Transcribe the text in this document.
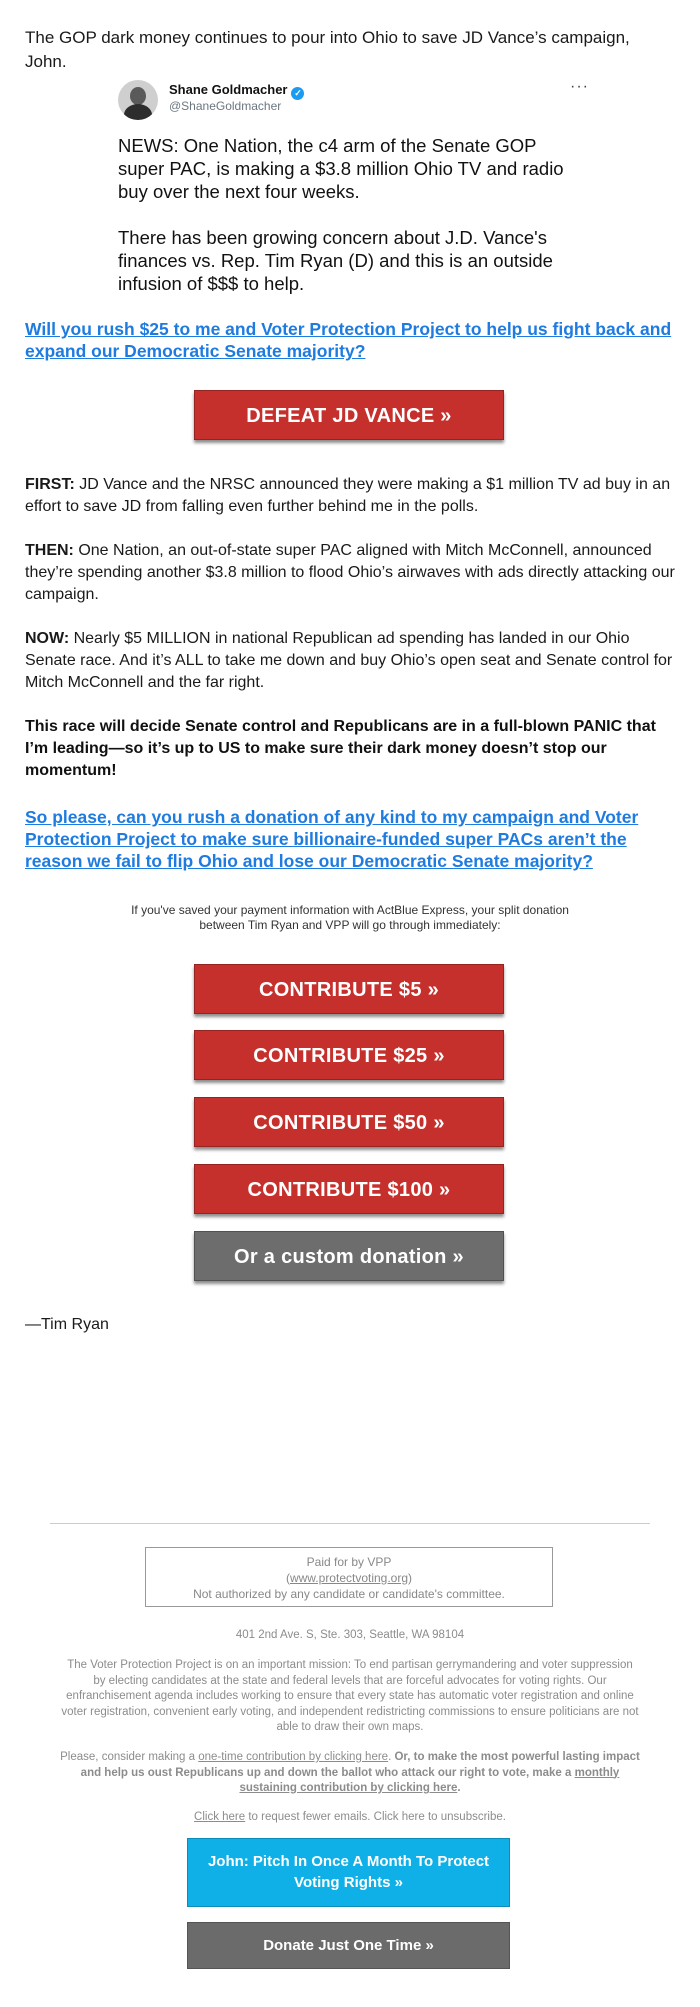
The GOP dark money continues to pour into Ohio to save JD Vance’s campaign, John.
Shane Goldmacher ✓
@ShaneGoldmacher
···

NEWS: One Nation, the c4 arm of the Senate GOP super PAC, is making a $3.8 million Ohio TV and radio buy over the next four weeks.

There has been growing concern about J.D. Vance's finances vs. Rep. Tim Ryan (D) and this is an outside infusion of $$$ to help.

Will you rush $25 to me and Voter Protection Project to help us fight back and expand our Democratic Senate majority?
DEFEAT JD VANCE »
FIRST: JD Vance and the NRSC announced they were making a $1 million TV ad buy in an effort to save JD from falling even further behind me in the polls.
THEN: One Nation, an out-of-state super PAC aligned with Mitch McConnell, announced they’re spending another $3.8 million to flood Ohio’s airwaves with ads directly attacking our campaign.
NOW: Nearly $5 MILLION in national Republican ad spending has landed in our Ohio Senate race. And it’s ALL to take me down and buy Ohio’s open seat and Senate control for Mitch McConnell and the far right.
This race will decide Senate control and Republicans are in a full-blown PANIC that I’m leading—so it’s up to US to make sure their dark money doesn’t stop our momentum!
So please, can you rush a donation of any kind to my campaign and Voter Protection Project to make sure billionaire-funded super PACs aren’t the reason we fail to flip Ohio and lose our Democratic Senate majority?
If you've saved your payment information with ActBlue Express, your split donation between Tim Ryan and VPP will go through immediately:
CONTRIBUTE $5 »
CONTRIBUTE $25 »
CONTRIBUTE $50 »
CONTRIBUTE $100 »
Or a custom donation »
—Tim Ryan
Paid for by VPP
(www.protectvoting.org)
Not authorized by any candidate or candidate's committee.
401 2nd Ave. S, Ste. 303, Seattle, WA 98104
The Voter Protection Project is on an important mission: To end partisan gerrymandering and voter suppression by electing candidates at the state and federal levels that are forceful advocates for voting rights. Our enfranchisement agenda includes working to ensure that every state has automatic voter registration and online voter registration, convenient early voting, and independent redistricting commissions to ensure politicians are not able to draw their own maps.
Please, consider making a one-time contribution by clicking here. Or, to make the most powerful lasting impact and help us oust Republicans up and down the ballot who attack our right to vote, make a monthly sustaining contribution by clicking here.
Click here to request fewer emails. Click here to unsubscribe.
John: Pitch In Once A Month To Protect Voting Rights »
Donate Just One Time »
